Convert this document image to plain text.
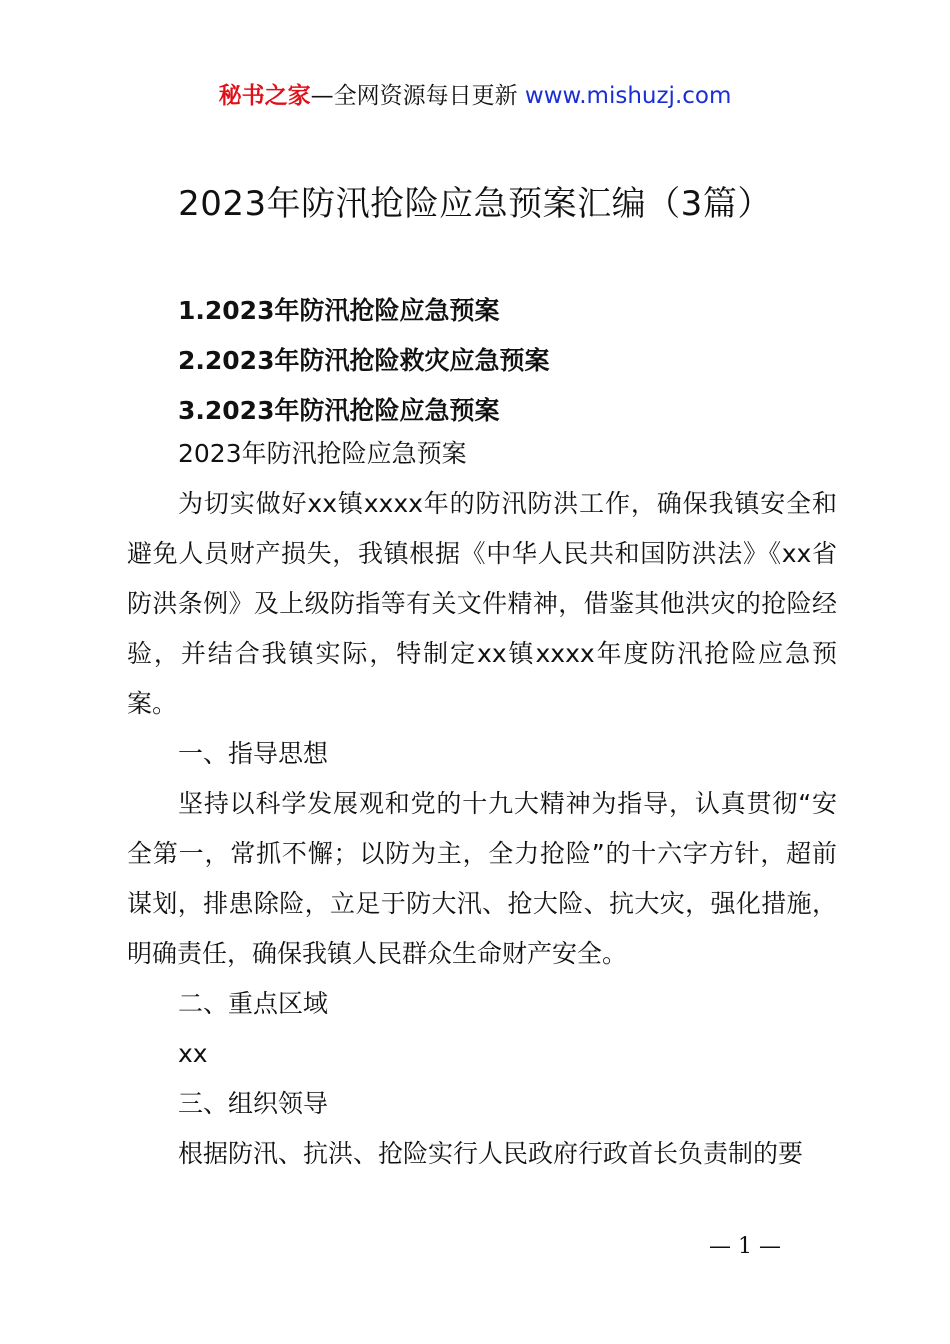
秘书之家—全网资源每日更新 www.mishuzj.com
2023年防汛抢险应急预案汇编（3篇）
1.2023年防汛抢险应急预案
2.2023年防汛抢险救灾应急预案
3.2023年防汛抢险应急预案

2023年防汛抢险应急预案

为切实做好xx镇xxxx年的防汛防洪工作，确保我镇安全和避免人员财产损失，我镇根据《中华人民共和国防洪法》《xx省防洪条例》及上级防指等有关文件精神，借鉴其他洪灾的抢险经验，并结合我镇实际，特制定xx镇xxxx年度防汛抢险应急预案。

一、指导思想

坚持以科学发展观和党的十九大精神为指导，认真贯彻“安全第一，常抓不懈；以防为主，全力抢险”的十六字方针，超前谋划，排患除险，立足于防大汛、抢大险、抗大灾，强化措施，明确责任，确保我镇人民群众生命财产安全。

二、重点区域

xx

三、组织领导

根据防汛、抗洪、抢险实行人民政府行政首长负责制的要

— 1 —
